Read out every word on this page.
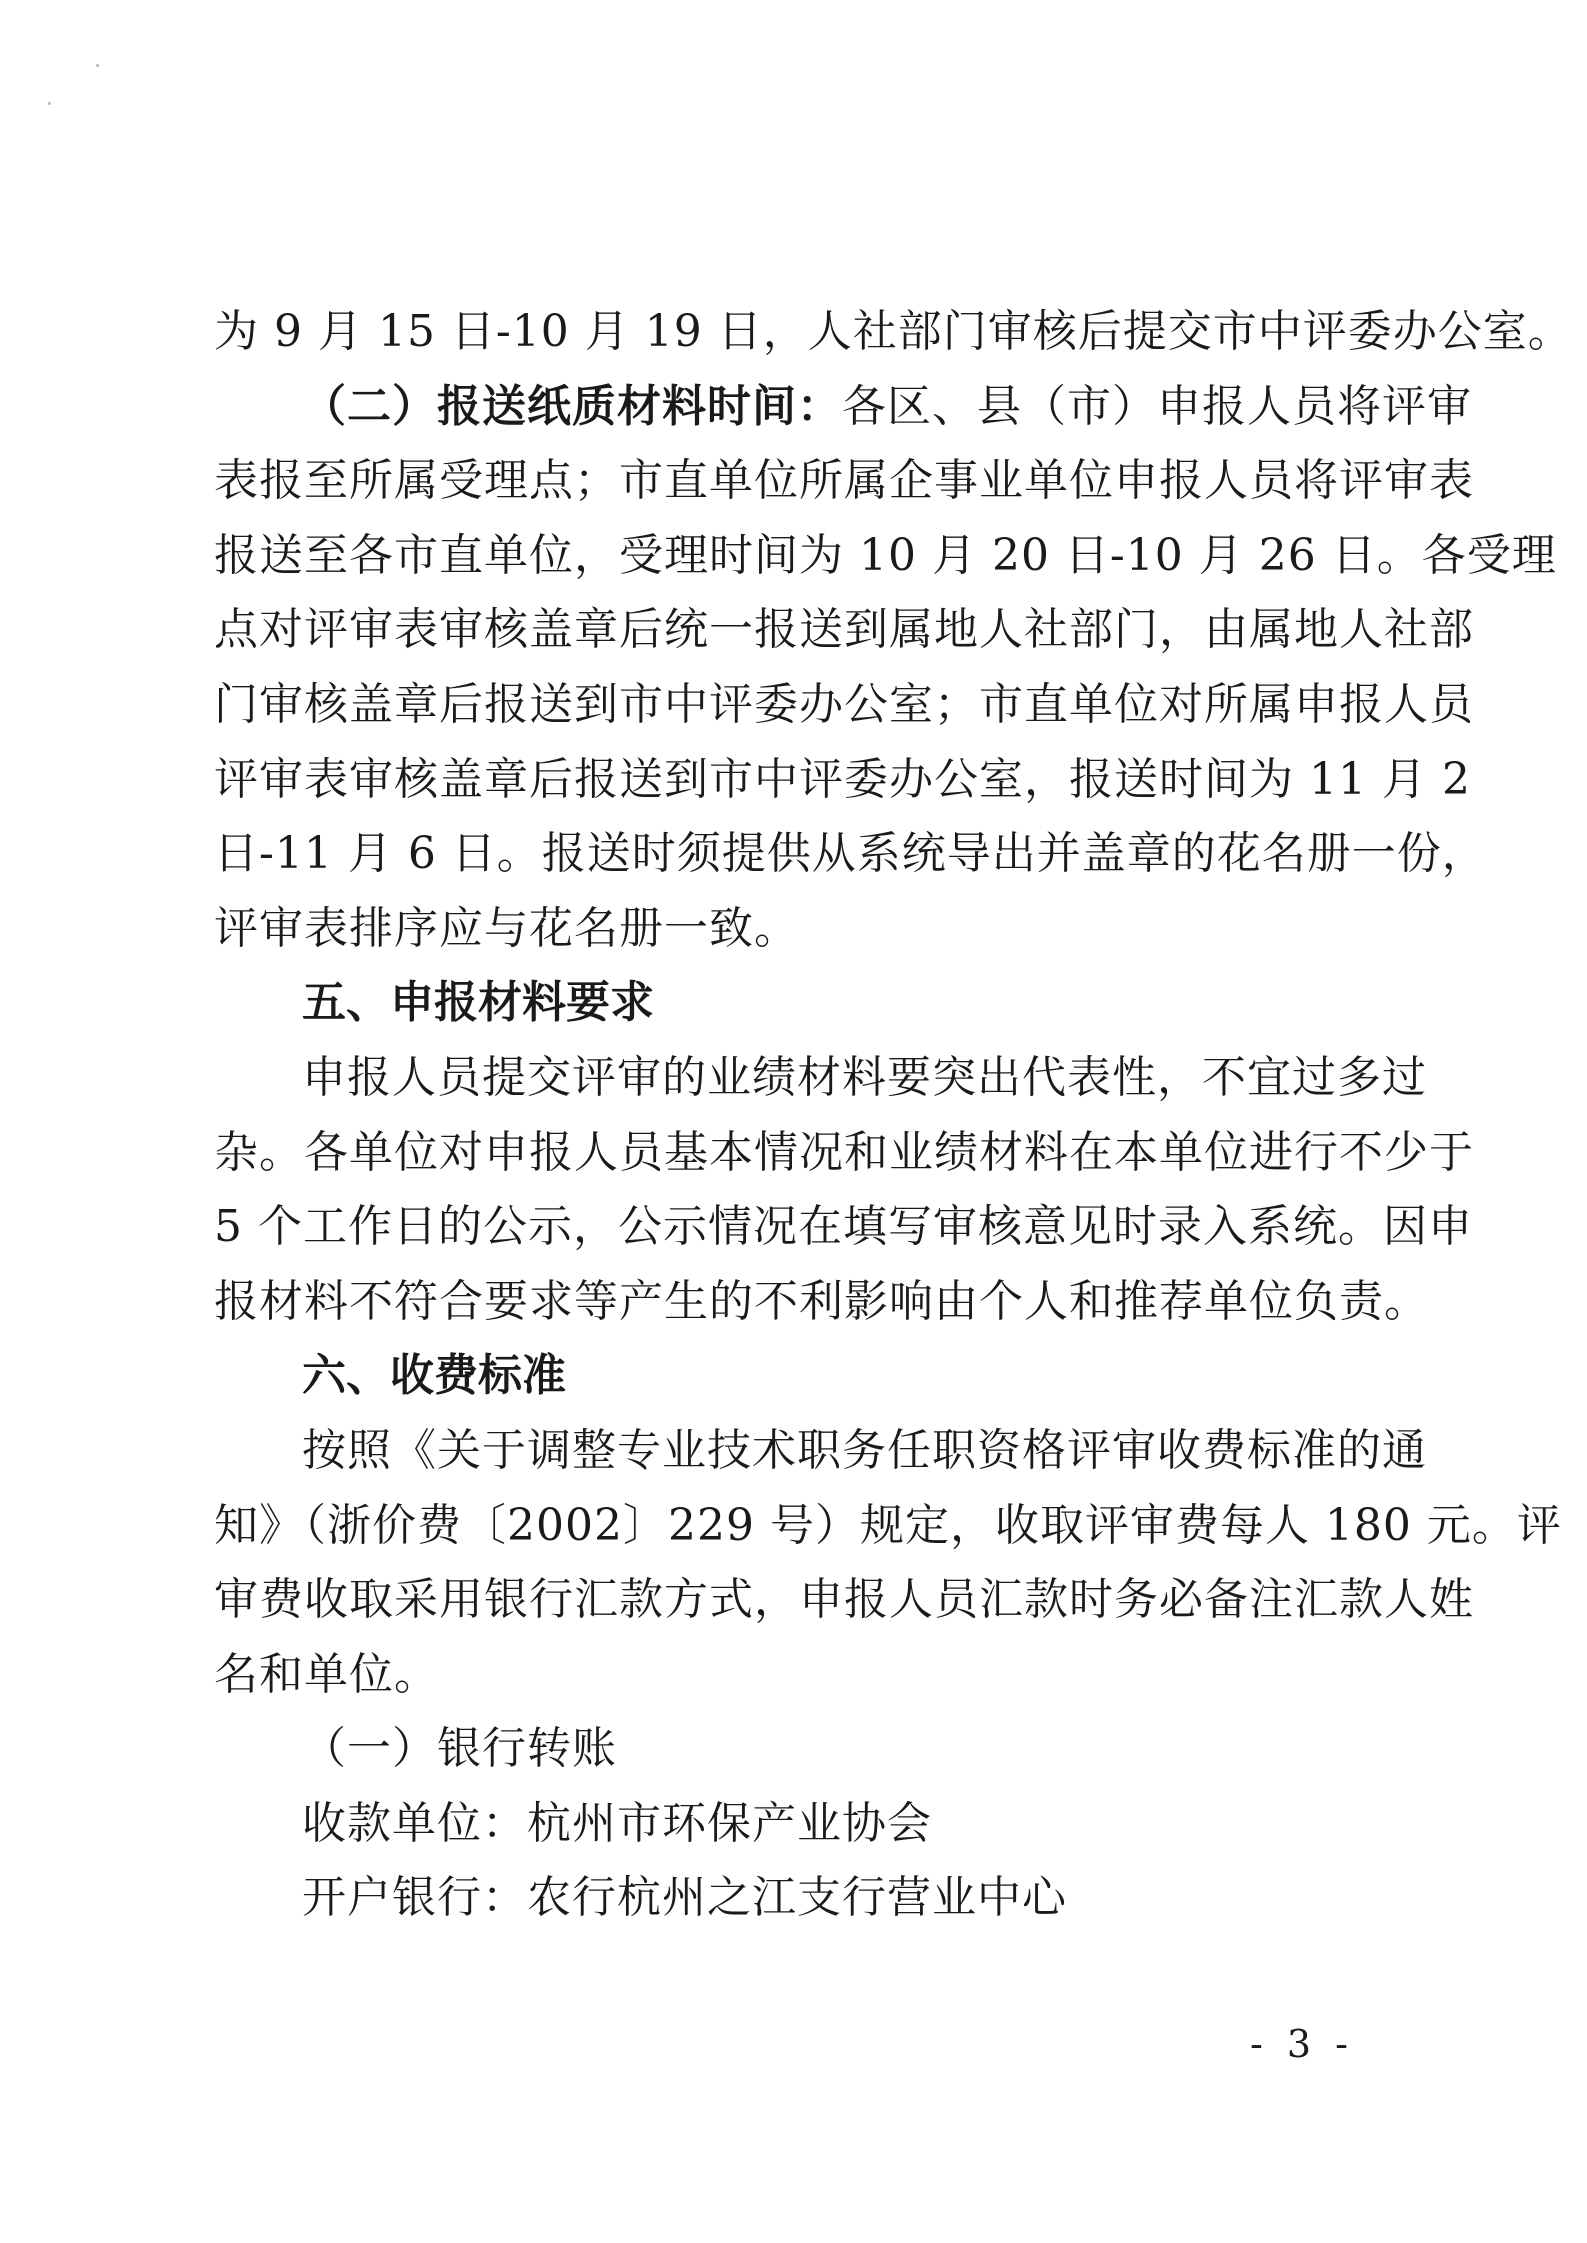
为 9 月 15 日-10 月 19 日，人社部门审核后提交市中评委办公室。
（二）报送纸质材料时间：各区、县（市）申报人员将评审
表报至所属受理点；市直单位所属企事业单位申报人员将评审表
报送至各市直单位，受理时间为 10 月 20 日-10 月 26 日。各受理
点对评审表审核盖章后统一报送到属地人社部门，由属地人社部
门审核盖章后报送到市中评委办公室；市直单位对所属申报人员
评审表审核盖章后报送到市中评委办公室，报送时间为 11 月 2
日-11 月 6 日。报送时须提供从系统导出并盖章的花名册一份，
评审表排序应与花名册一致。
五、申报材料要求
申报人员提交评审的业绩材料要突出代表性，不宜过多过
杂。各单位对申报人员基本情况和业绩材料在本单位进行不少于
5 个工作日的公示，公示情况在填写审核意见时录入系统。因申
报材料不符合要求等产生的不利影响由个人和推荐单位负责。
六、收费标准
按照《关于调整专业技术职务任职资格评审收费标准的通
知》（浙价费〔2002〕229 号）规定，收取评审费每人 180 元。评
审费收取采用银行汇款方式，申报人员汇款时务必备注汇款人姓
名和单位。
（一）银行转账
收款单位：杭州市环保产业协会
开户银行：农行杭州之江支行营业中心
- 3 -
